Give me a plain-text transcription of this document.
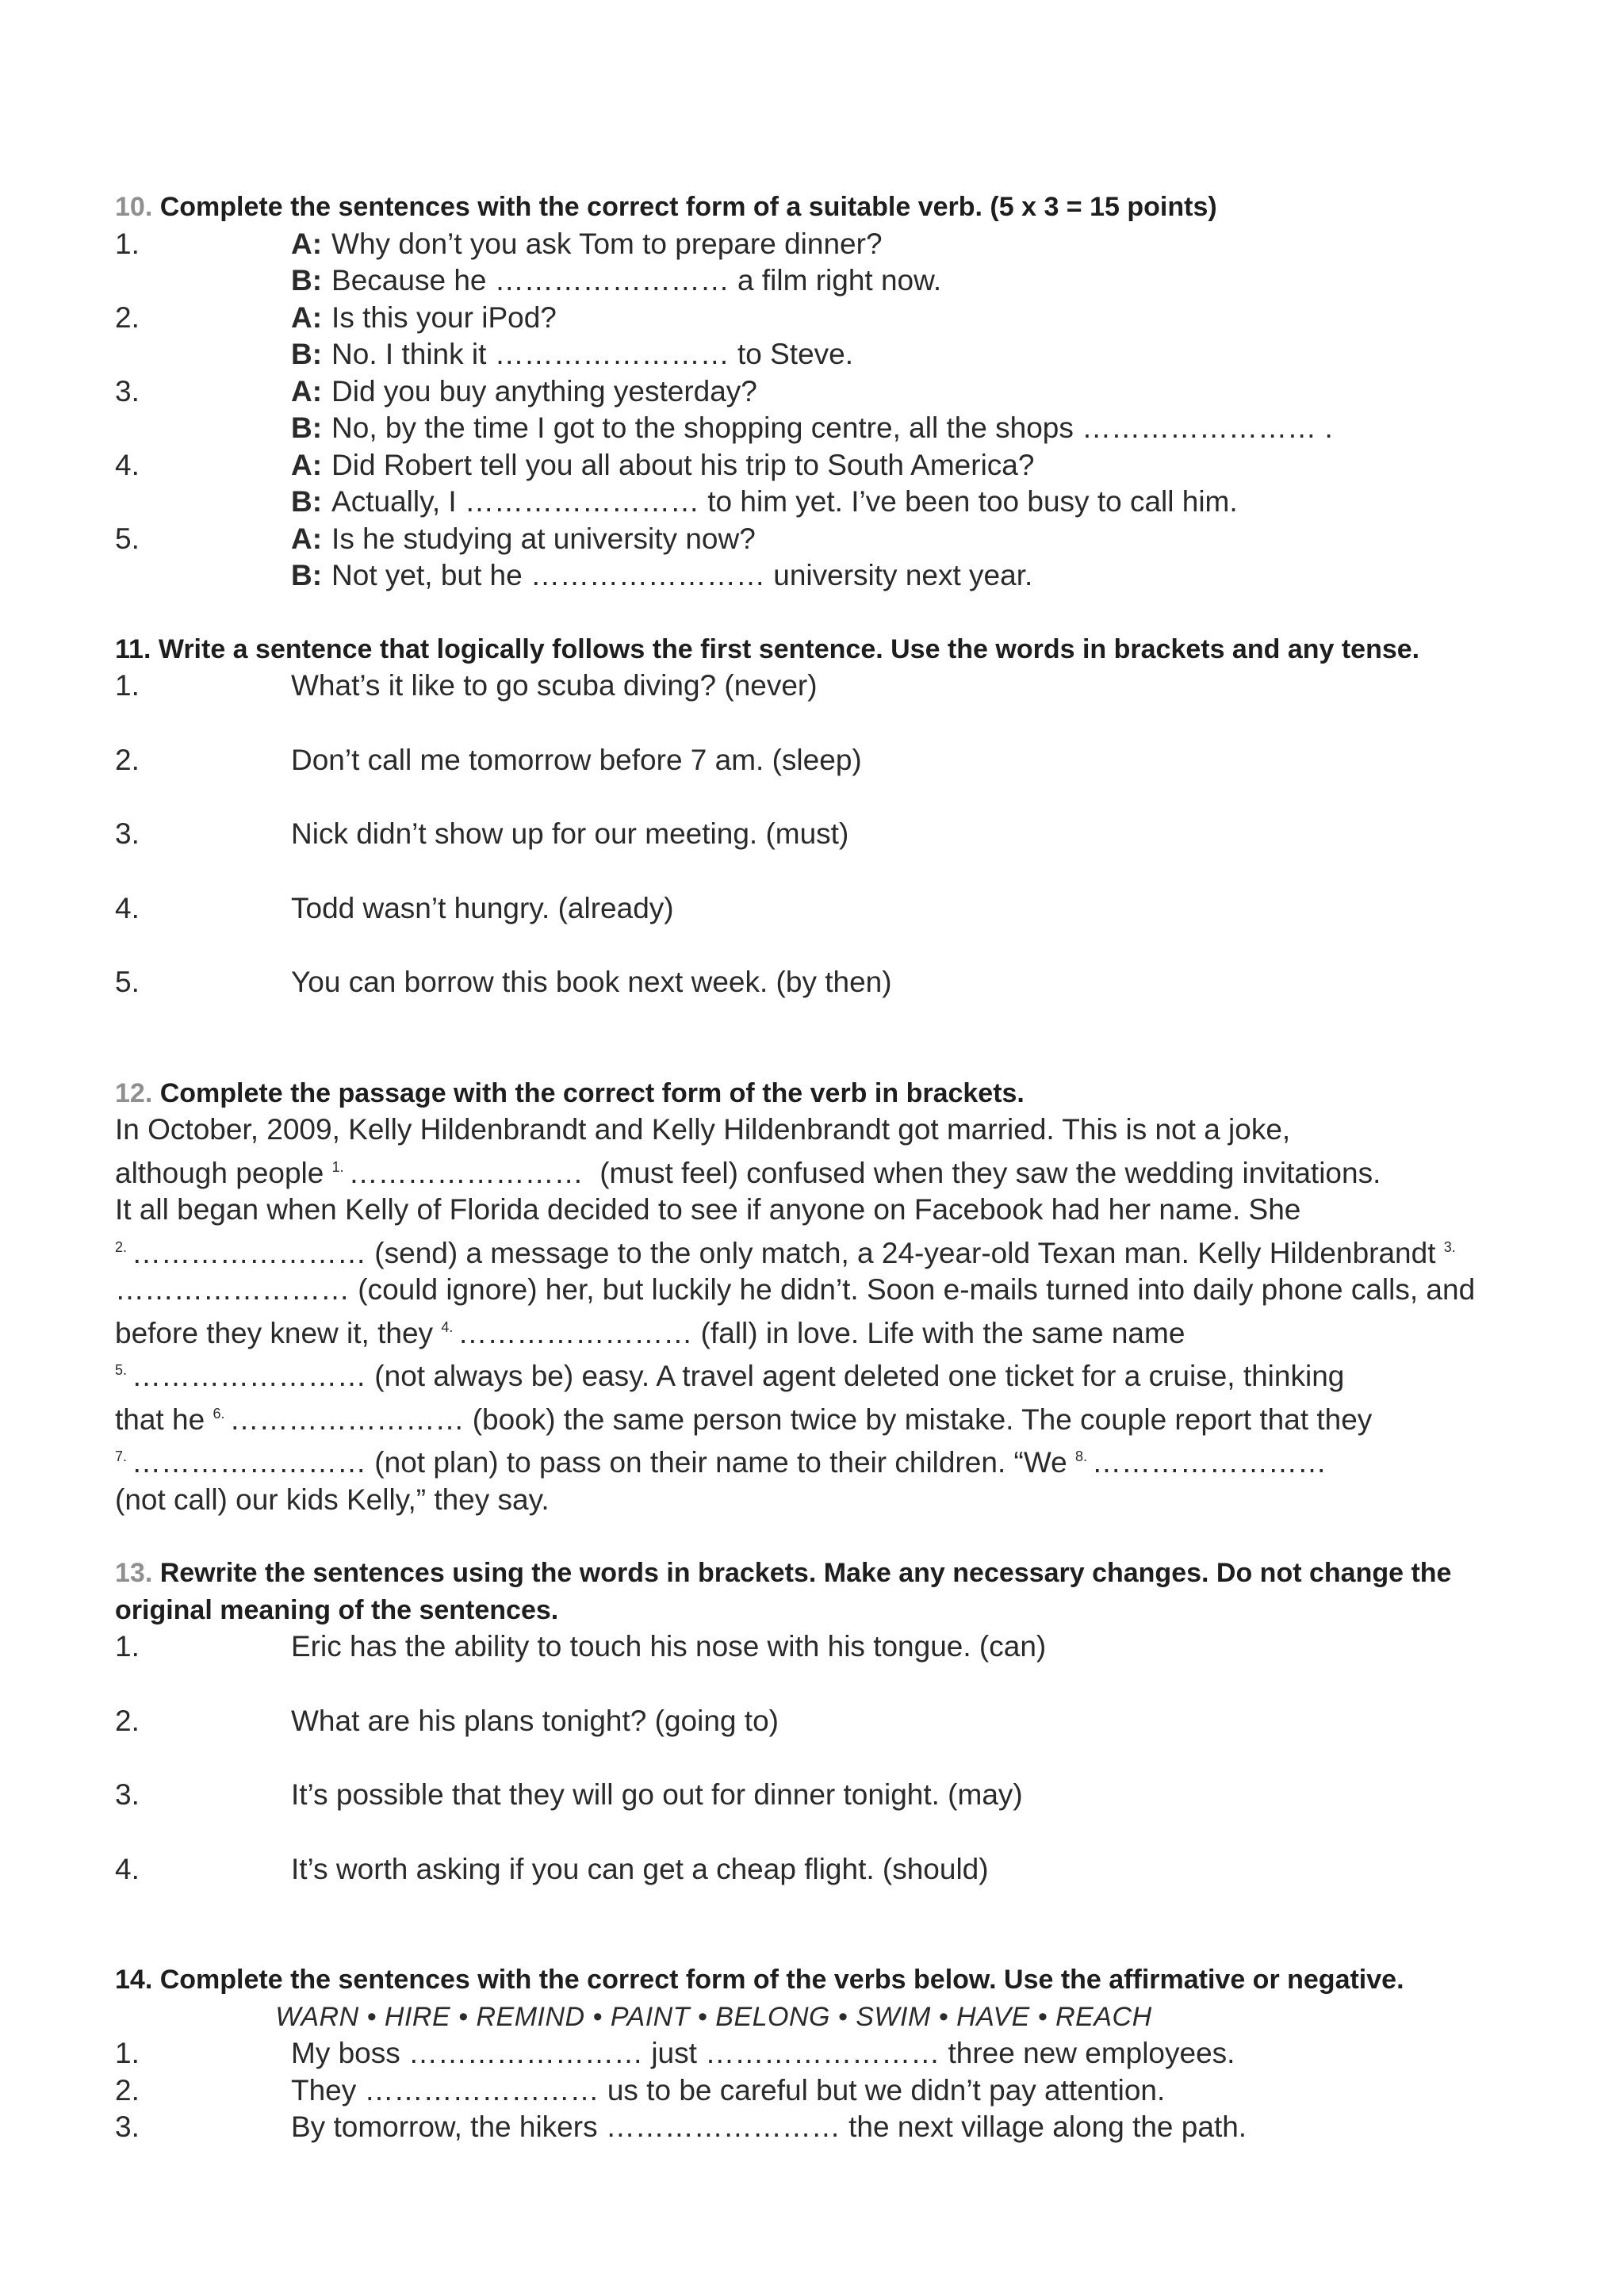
10. Complete the sentences with the correct form of a suitable verb. (5 x 3 = 15 points)
1.	A: Why don’t you ask Tom to prepare dinner?
B: Because he …………………… a film right now.
2.	A: Is this your iPod?
B: No. I think it …………………… to Steve.
3.	A: Did you buy anything yesterday?
B: No, by the time I got to the shopping centre, all the shops …………………… .
4.	A: Did Robert tell you all about his trip to South America?
B: Actually, I …………………… to him yet. I’ve been too busy to call him.
5.	A: Is he studying at university now?
B: Not yet, but he …………………… university next year.
11. Write a sentence that logically follows the first sentence. Use the words in brackets and any tense.
1.	What’s it like to go scuba diving? (never)
2.	Don’t call me tomorrow before 7 am. (sleep)
3.	Nick didn’t show up for our meeting. (must)
4.	Todd wasn’t hungry. (already)
5.	You can borrow this book next week. (by then)
12. Complete the passage with the correct form of the verb in brackets.
In October, 2009, Kelly Hildenbrandt and Kelly Hildenbrandt got married. This is not a joke,
although people $^{1.}$ …………………… (must feel) confused when they saw the wedding invitations.
It all began when Kelly of Florida decided to see if anyone on Facebook had her name. She
$^{2.}$ …………………… (send) a message to the only match, a 24-year-old Texan man. Kelly Hildenbrandt $^{3.}$
…………………… (could ignore) her, but luckily he didn’t. Soon e-mails turned into daily phone calls, and
before they knew it, they $^{4.}$ …………………… (fall) in love. Life with the same name
$^{5.}$ …………………… (not always be) easy. A travel agent deleted one ticket for a cruise, thinking
that he $^{6.}$ …………………… (book) the same person twice by mistake. The couple report that they
$^{7.}$ …………………… (not plan) to pass on their name to their children. “We $^{8.}$ ……………………
(not call) our kids Kelly,” they say.
13. Rewrite the sentences using the words in brackets. Make any necessary changes. Do not change the
original meaning of the sentences.
1.	Eric has the ability to touch his nose with his tongue. (can)
2.	What are his plans tonight? (going to)
3.	It’s possible that they will go out for dinner tonight. (may)
4.	It’s worth asking if you can get a cheap flight. (should)
14. Complete the sentences with the correct form of the verbs below. Use the affirmative or negative.
WARN • HIRE • REMIND • PAINT • BELONG • SWIM • HAVE • REACH
1.	My boss …………………… just …………………… three new employees.
2.	They …………………… us to be careful but we didn’t pay attention.
3.	By tomorrow, the hikers …………………… the next village along the path.
